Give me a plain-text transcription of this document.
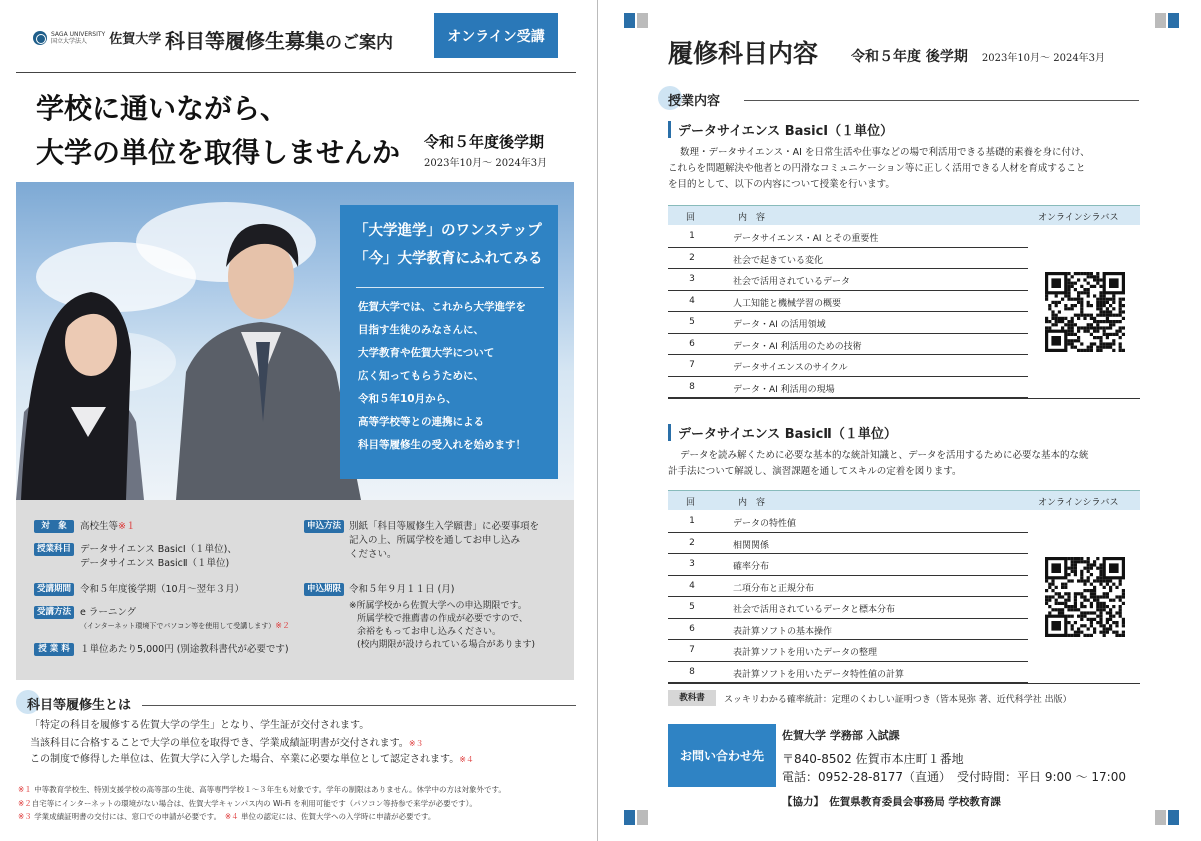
SAGA UNIVERSITY
国立大学法人	佐賀大学 科目等履修生募集のご案内	オンライン受講
学校に通いながら、
大学の単位を取得しませんか 令和５年度後学期
2023年10月～ 2024年3月
「大学進学」のワンステップ
「今」大学教育にふれてみる
佐賀大学では、これから大学進学を
目指す生徒のみなさんに、
大学教育や佐賀大学について
広く知ってもらうために、
令和５年10月から、
高等学校等との連携による
科目等履修生の受入れを始めます！
対　象	高校生等※１
授業科目 データサイエンス BasicⅠ（１単位)、
データサイエンス BasicⅡ（１単位)
受講期間 令和５年度後学期（10月～翌年３月）
受講方法 e ラーニング
（インターネット環境下でパソコン等を使用して受講します）※２
授 業 料	１単位あたり5,000円 (別途教科書代が必要です)
申込方法 別紙「科目等履修生入学願書」に必要事項を
記入の上、所属学校を通してお申し込み
ください。
申込期限 令和５年９月１１日 (月)
※所属学校から佐賀大学への申込期限です。
所属学校で推薦書の作成が必要ですので、
余裕をもってお申し込みください。
(校内期限が設けられている場合があります)
科目等履修生とは
「特定の科目を履修する佐賀大学の学生」となり、学生証が交付されます。
当該科目に合格することで大学の単位を取得でき、学業成績証明書が交付されます。※３
この制度で修得した単位は、佐賀大学に入学した場合、卒業に必要な単位として認定されます。※４
※１ 中等教育学校生、特別支援学校の高等部の生徒、高等専門学校１～３年生も対象です。学年の制限はありません。休学中の方は対象外です。
※２自宅等にインターネットの環境がない場合は、佐賀大学キャンパス内の Wi-Fi を利用可能です（パソコン等持参で来学が必要です）。
※３ 学業成績証明書の交付には、窓口での申請が必要です。　 ※４ 単位の認定には、佐賀大学への入学時に申請が必要です。
履修科目内容 令和５年度 後学期　 2023年10月～ 2024年3月
授業内容
データサイエンス BasicⅠ（１単位）
数理・データサイエンス・AI を日常生活や仕事などの場で利活用できる基礎的素養を身に付け、
これらを問題解決や他者との円滑なコミュニケーション等に正しく活用できる人材を育成すること
を目的として、以下の内容について授業を行います。
回	内　容	オンラインシラバス
1	データサイエンス・AI とその重要性
2	社会で起きている変化
3	社会で活用されているデータ
4	人工知能と機械学習の概要
5	データ・AI の活用領域
6	データ・AI 利活用のための技術
7	データサイエンスのサイクル
8	データ・AI 利活用の現場
データサイエンス BasicⅡ（１単位）
データを読み解くために必要な基本的な統計知識と、データを活用するために必要な基本的な統
計手法について解説し、演習課題を通してスキルの定着を図ります。
回	内　容	オンラインシラバス
1	データの特性値
2	相関関係
3	確率分布
4	二項分布と正規分布
5	社会で活用されているデータと標本分布
6	表計算ソフトの基本操作
7	表計算ソフトを用いたデータの整理
8	表計算ソフトを用いたデータ特性値の計算
教科書	スッキリわかる確率統計：定理のくわしい証明つき（皆本晃弥 著、近代科学社 出版）
お問い合わせ先
佐賀大学 学務部 入試課
〒840-8502 佐賀市本庄町１番地
電話：0952-28-8177（直通）　受付時間：平日 9:00 ～ 17:00
【協力】　佐賀県教育委員会事務局 学校教育課
